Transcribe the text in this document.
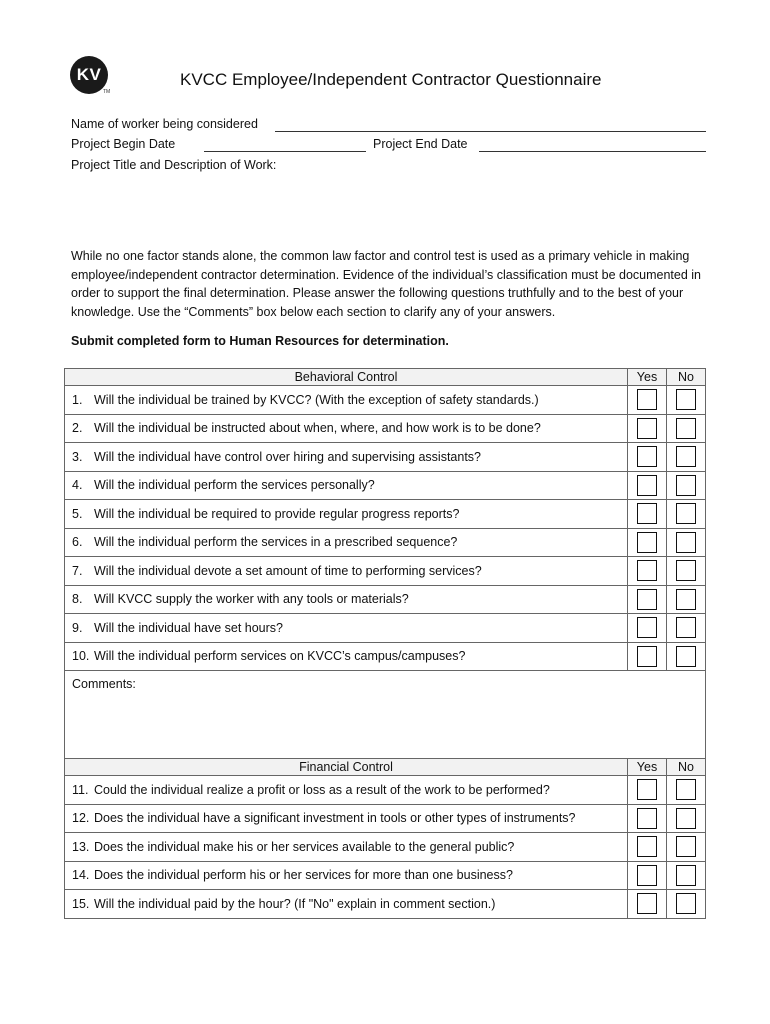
KV
TM
KVCC Employee/Independent Contractor Questionnaire
Name of worker being considered
Project Begin Date	Project End Date
Project Title and Description of Work:
While no one factor stands alone, the common law factor and control test is used as a primary vehicle in making employee/independent contractor determination. Evidence of the individual’s classification must be documented in order to support the final determination. Please answer the following questions truthfully and to the best of your knowledge. Use the “Comments” box below each section to clarify any of your answers.
Submit completed form to Human Resources for determination.
Behavioral Control	Yes	No
1. Will the individual be trained by KVCC? (With the exception of safety standards.)	

2. Will the individual be instructed about when, where, and how work is to be done?	

3. Will the individual have control over hiring and supervising assistants?	

4. Will the individual perform the services personally?	

5. Will the individual be required to provide regular progress reports?	

6. Will the individual perform the services in a prescribed sequence?	

7. Will the individual devote a set amount of time to performing services?	

8. Will KVCC supply the worker with any tools or materials?	

9. Will the individual have set hours?	

10. Will the individual perform services on KVCC’s campus/campuses?	

Comments:		
Financial Control	Yes	No
11. Could the individual realize a profit or loss as a result of the work to be performed?	

12. Does the individual have a significant investment in tools or other types of instruments?	

13. Does the individual make his or her services available to the general public?	

14. Does the individual perform his or her services for more than one business?	

15. Will the individual paid by the hour? (If "No" explain in comment section.)	
